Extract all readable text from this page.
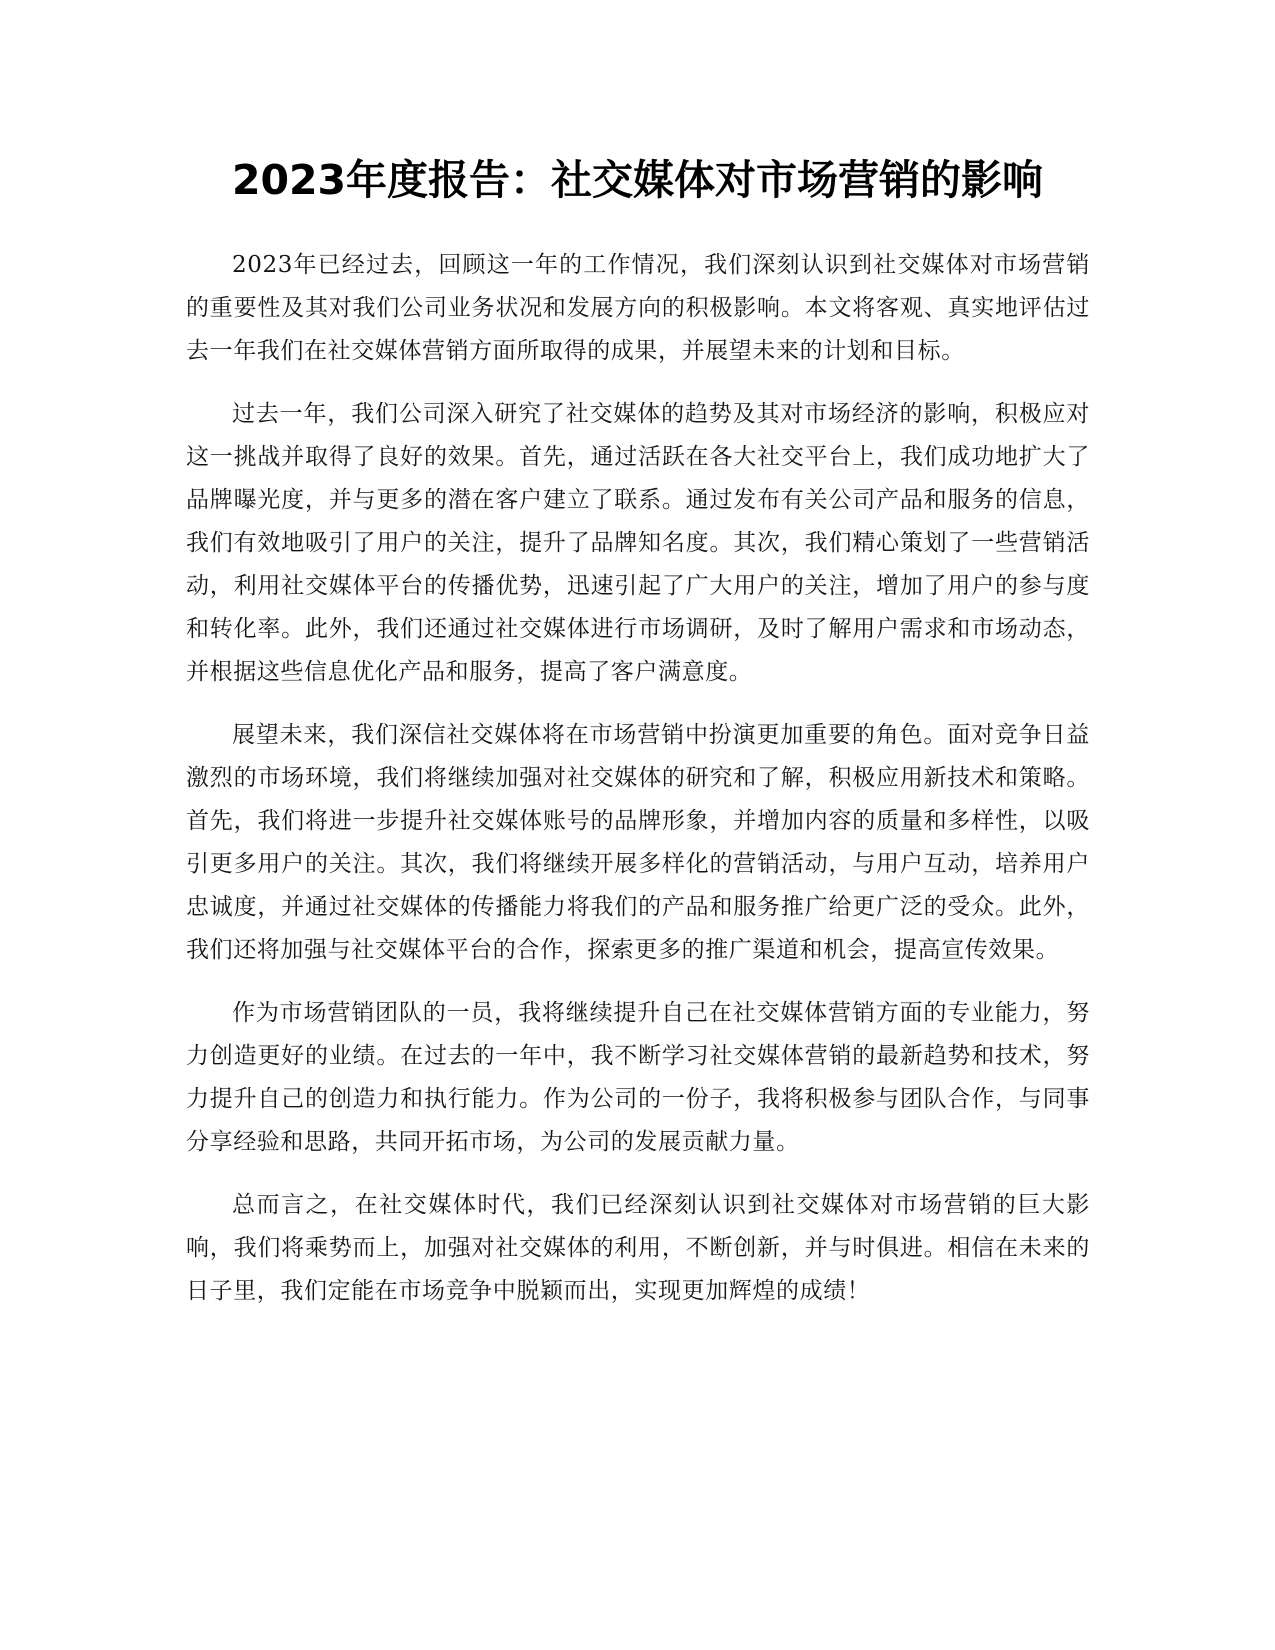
2023年度报告：社交媒体对市场营销的影响

2023年已经过去，回顾这一年的工作情况，我们深刻认识到社交媒体对市场营销的重要性及其对我们公司业务状况和发展方向的积极影响。本文将客观、真实地评估过去一年我们在社交媒体营销方面所取得的成果，并展望未来的计划和目标。

过去一年，我们公司深入研究了社交媒体的趋势及其对市场经济的影响，积极应对这一挑战并取得了良好的效果。首先，通过活跃在各大社交平台上，我们成功地扩大了品牌曝光度，并与更多的潜在客户建立了联系。通过发布有关公司产品和服务的信息，我们有效地吸引了用户的关注，提升了品牌知名度。其次，我们精心策划了一些营销活动，利用社交媒体平台的传播优势，迅速引起了广大用户的关注，增加了用户的参与度和转化率。此外，我们还通过社交媒体进行市场调研，及时了解用户需求和市场动态，并根据这些信息优化产品和服务，提高了客户满意度。

展望未来，我们深信社交媒体将在市场营销中扮演更加重要的角色。面对竞争日益激烈的市场环境，我们将继续加强对社交媒体的研究和了解，积极应用新技术和策略。首先，我们将进一步提升社交媒体账号的品牌形象，并增加内容的质量和多样性，以吸引更多用户的关注。其次，我们将继续开展多样化的营销活动，与用户互动，培养用户忠诚度，并通过社交媒体的传播能力将我们的产品和服务推广给更广泛的受众。此外，我们还将加强与社交媒体平台的合作，探索更多的推广渠道和机会，提高宣传效果。

作为市场营销团队的一员，我将继续提升自己在社交媒体营销方面的专业能力，努力创造更好的业绩。在过去的一年中，我不断学习社交媒体营销的最新趋势和技术，努力提升自己的创造力和执行能力。作为公司的一份子，我将积极参与团队合作，与同事分享经验和思路，共同开拓市场，为公司的发展贡献力量。

总而言之，在社交媒体时代，我们已经深刻认识到社交媒体对市场营销的巨大影响，我们将乘势而上，加强对社交媒体的利用，不断创新，并与时俱进。相信在未来的日子里，我们定能在市场竞争中脱颖而出，实现更加辉煌的成绩！
